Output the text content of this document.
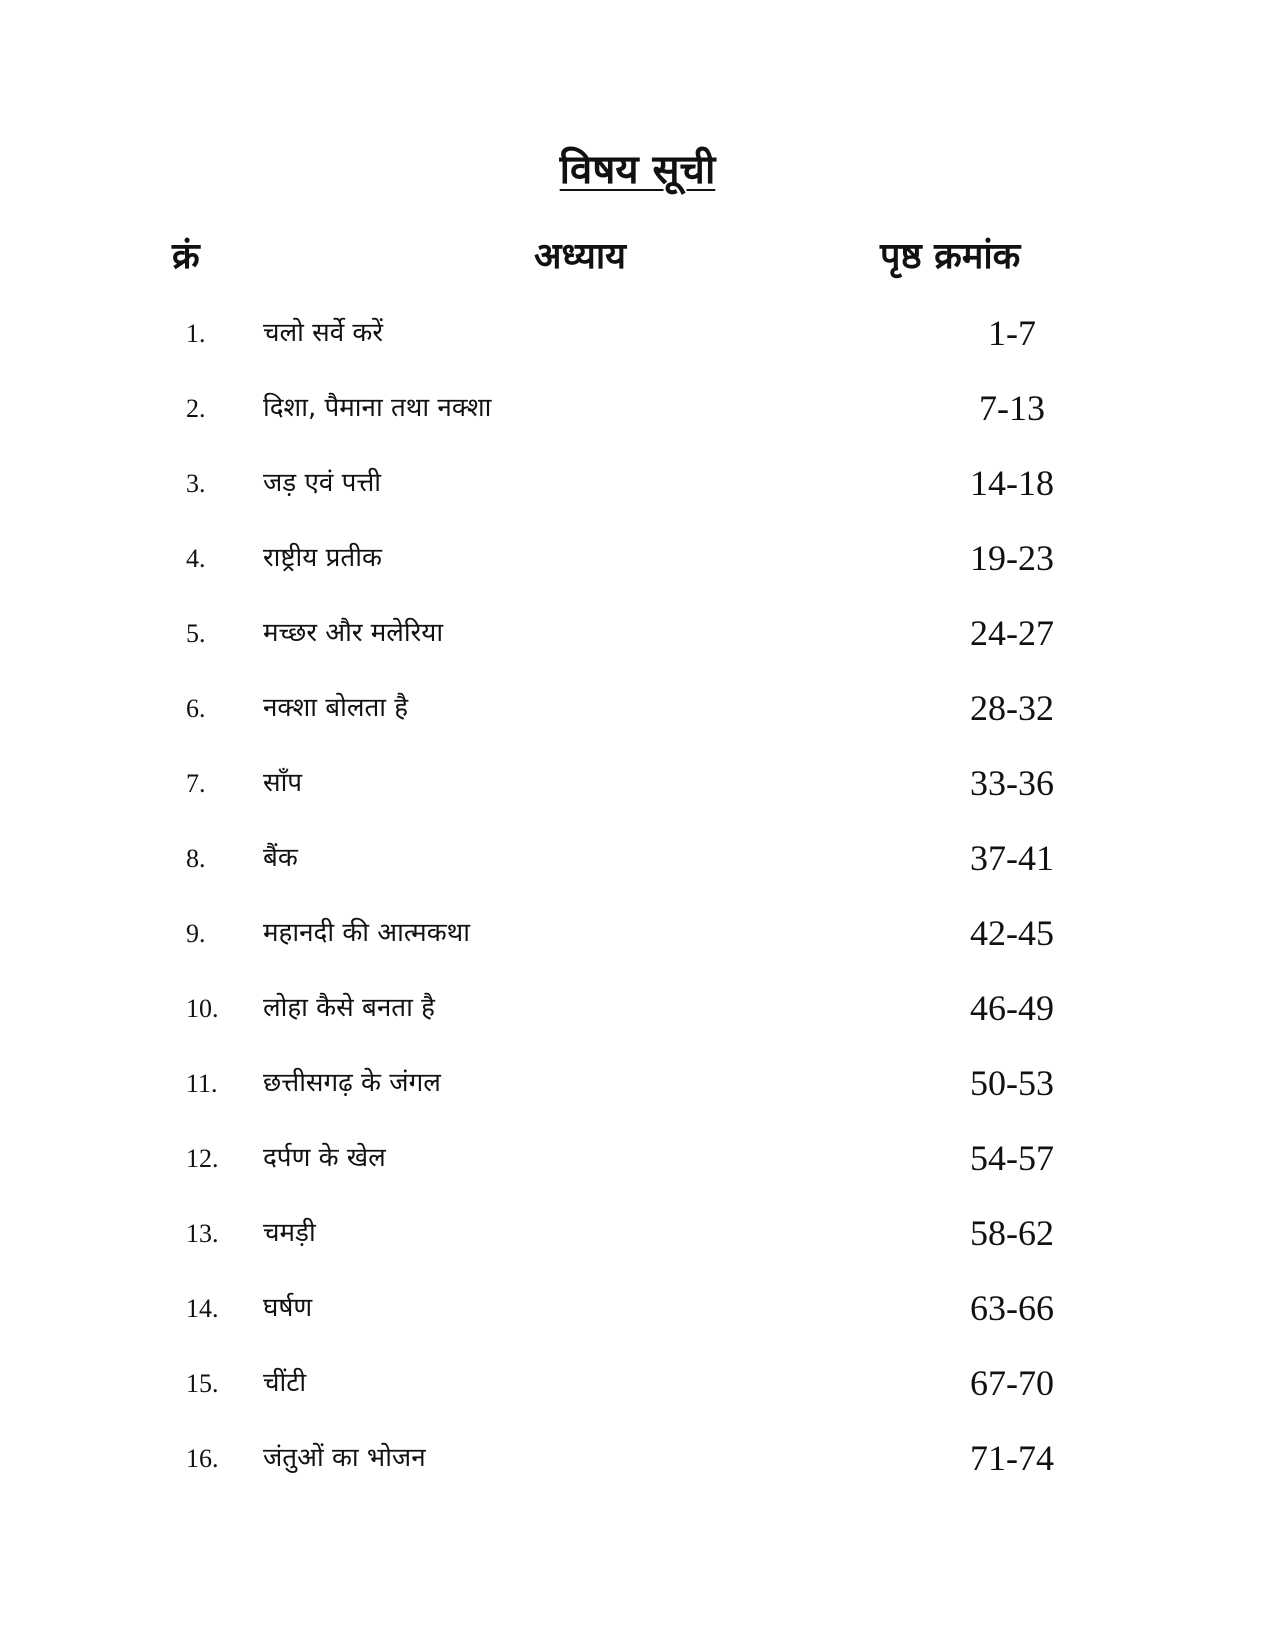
विषय सूची
क्रं	अध्याय	पृष्ठ क्रमांक
1. चलो सर्वे करें	1-7
2. दिशा, पैमाना तथा नक्शा	7-13
3. जड़ एवं पत्ती	14-18
4. राष्ट्रीय प्रतीक	19-23
5. मच्छर और मलेरिया	24-27
6. नक्शा बोलता है	28-32
7. साँप	33-36
8. बैंक	37-41
9. महानदी की आत्मकथा	42-45
10. लोहा कैसे बनता है	46-49
11. छत्तीसगढ़ के जंगल	50-53
12. दर्पण के खेल	54-57
13. चमड़ी	58-62
14. घर्षण	63-66
15. चींटी	67-70
16. जंतुओं का भोजन	71-74
